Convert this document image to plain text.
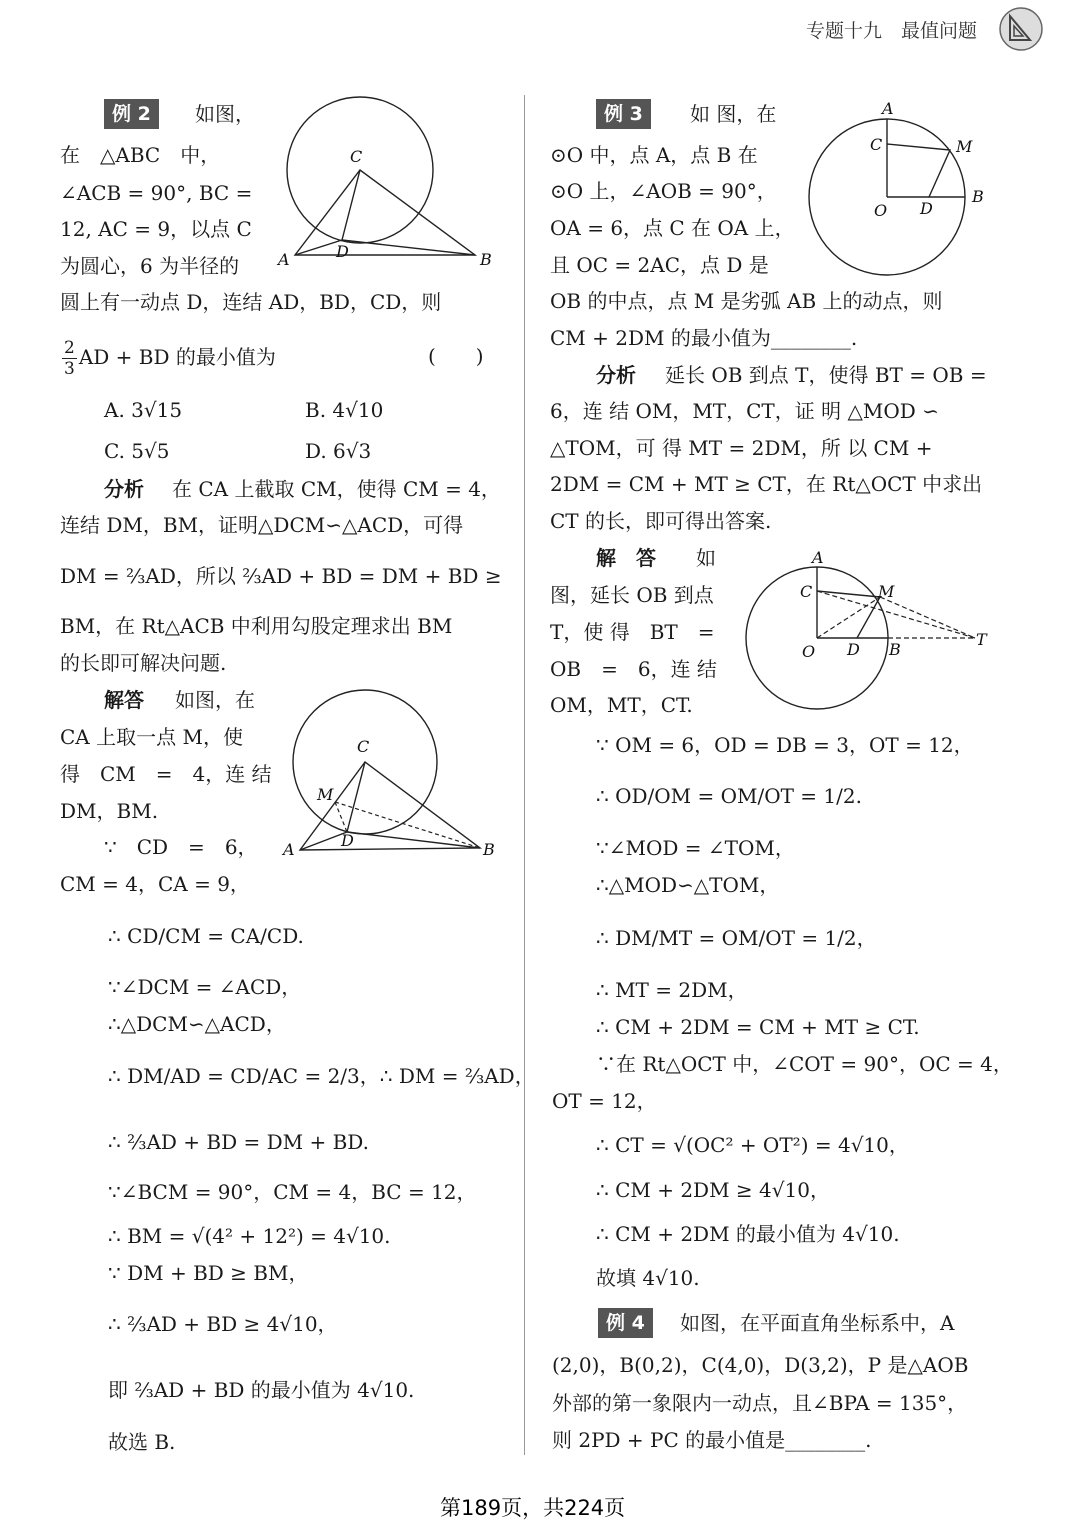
专题十九　最值问题
例 2	如图，
在　△ABC　中，
∠ACB = 90°, BC =
12, AC = 9，以点 C
为圆心，6 为半径的
圆上有一动点 D，连结 AD，BD，CD，则
$\frac{2}{3}$ AD + BD 的最小值为	(　　)
C
A	D	B
A. 3√15	B. 4√10
C. 5√5	D. 6√3
分析 在 CA 上截取 CM，使得 CM = 4，
连结 DM，BM，证明△DCM∽△ACD，可得
DM = ⅔AD，所以 ⅔AD + BD = DM + BD ≥
BM，在 Rt△ACB 中利用勾股定理求出 BM
的长即可解决问题.
解答 如图，在
CA 上取一点 M，使
得　CM　=　4，连 结
DM，BM.
∵　CD　=　6，
CM = 4，CA = 9，
C
M
A	D	B
∴ CD/CM = CA/CD.
∵∠DCM = ∠ACD，
∴△DCM∽△ACD，
∴ DM/AD = CD/AC = 2/3，∴ DM = ⅔AD，
∴ ⅔AD + BD = DM + BD.
∵∠BCM = 90°，CM = 4，BC = 12，
∴ BM = √(4² + 12²) = 4√10.
∵ DM + BD ≥ BM，
∴ ⅔AD + BD ≥ 4√10，
即 ⅔AD + BD 的最小值为 4√10.
故选 B.
例 3	如 图，在
⊙O 中，点 A，点 B 在
⊙O 上，∠AOB = 90°，
OA = 6，点 C 在 OA 上，
且 OC = 2AC，点 D 是
OB 的中点，点 M 是劣弧 AB 上的动点，则
CM + 2DM 的最小值为________.
A
C	M
O D
B
分析 延长 OB 到点 T，使得 BT = OB =
6，连 结 OM，MT，CT，证 明 △MOD ∽
△TOM，可 得 MT = 2DM，所 以 CM +
2DM = CM + MT ≥ CT，在 Rt△OCT 中求出
CT 的长，即可得出答案.
解　答 如
图，延长 OB 到点
T，使 得　BT　=
OB　=　6，连 结
OM，MT，CT.
A
C	M
O D B
T
∵ OM = 6，OD = DB = 3，OT = 12，
∴ OD/OM = OM/OT = 1/2.
∵∠MOD = ∠TOM，
∴△MOD∽△TOM，
∴ DM/MT = OM/OT = 1/2，
∴ MT = 2DM，
∴ CM + 2DM = CM + MT ≥ CT.
∵在 Rt△OCT 中，∠COT = 90°，OC = 4，
OT = 12，
∴ CT = √(OC² + OT²) = 4√10，
∴ CM + 2DM ≥ 4√10，
∴ CM + 2DM 的最小值为 4√10.
故填 4√10.
例 4	如图，在平面直角坐标系中，A
(2,0)，B(0,2)，C(4,0)，D(3,2)，P 是△AOB
外部的第一象限内一动点，且∠BPA = 135°，
则 2PD + PC 的最小值是________.
第189页，共224页
